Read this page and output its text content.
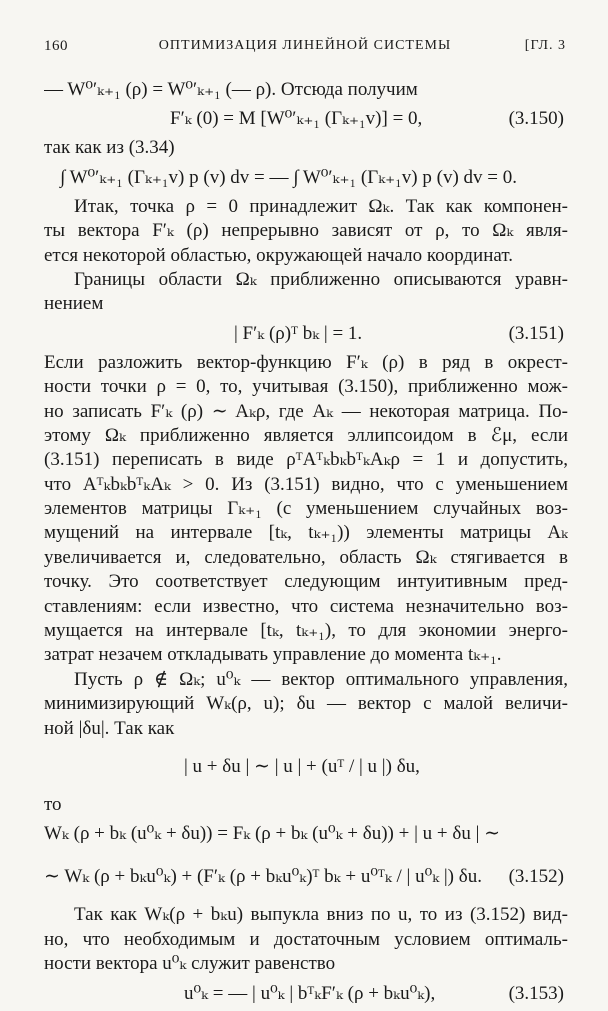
160	ОПТИМИЗАЦИЯ ЛИНЕЙНОЙ СИСТЕМЫ	[ГЛ. 3
— W⁰′ₖ₊₁ (ρ) = W⁰′ₖ₊₁ (— ρ). Отсюда получим
F′ₖ (0) = M [W⁰′ₖ₊₁ (Γₖ₊₁v)] = 0,	(3.150)
так как из (3.34)
∫ W⁰′ₖ₊₁ (Γₖ₊₁v) p (v) dv = — ∫ W⁰′ₖ₊₁ (Γₖ₊₁v) p (v) dv = 0.
Итак, точка ρ = 0 принадлежит Ωₖ. Так как компонен-
ты вектора F′ₖ (ρ) непрерывно зависят от ρ, то Ωₖ явля-
ется некоторой областью, окружающей начало координат.
Границы области Ωₖ приближенно описываются уравн-
нением
| F′ₖ (ρ)ᵀ bₖ | = 1.	(3.151)
Если разложить вектор-функцию F′ₖ (ρ) в ряд в окрест-
ности точки ρ = 0, то, учитывая (3.150), приближенно мож-
но записать F′ₖ (ρ) ∼ Aₖρ, где Aₖ — некоторая матрица. По-
этому Ωₖ приближенно является эллипсоидом в ℰμ, если
(3.151) переписать в виде ρᵀAᵀₖbₖbᵀₖAₖρ = 1 и допустить,
что AᵀₖbₖbᵀₖAₖ > 0. Из (3.151) видно, что с уменьшением
элементов матрицы Γₖ₊₁ (с уменьшением случайных воз-
мущений на интервале [tₖ, tₖ₊₁)) элементы матрицы Aₖ
увеличивается и, следовательно, область Ωₖ стягивается в
точку. Это соответствует следующим интуитивным пред-
ставлениям: если известно, что система незначительно воз-
мущается на интервале [tₖ, tₖ₊₁), то для экономии энерго-
затрат незачем откладывать управление до момента tₖ₊₁.
Пусть ρ ∉ Ωₖ; u⁰ₖ — вектор оптимального управления,
минимизирующий Wₖ(ρ, u); δu — вектор с малой величи-
ной |δu|. Так как
| u + δu | ∼ | u | + (uᵀ / | u |) δu,
то
Wₖ (ρ + bₖ (u⁰ₖ + δu)) = Fₖ (ρ + bₖ (u⁰ₖ + δu)) + | u + δu | ∼
∼ Wₖ (ρ + bₖu⁰ₖ) + (F′ₖ (ρ + bₖu⁰ₖ)ᵀ bₖ + u⁰ᵀₖ / | u⁰ₖ |) δu. (3.152)
Так как Wₖ(ρ + bₖu) выпукла вниз по u, то из (3.152) вид-
но, что необходимым и достаточным условием оптималь-
ности вектора u⁰ₖ служит равенство
u⁰ₖ = — | u⁰ₖ | bᵀₖF′ₖ (ρ + bₖu⁰ₖ),	(3.153)
